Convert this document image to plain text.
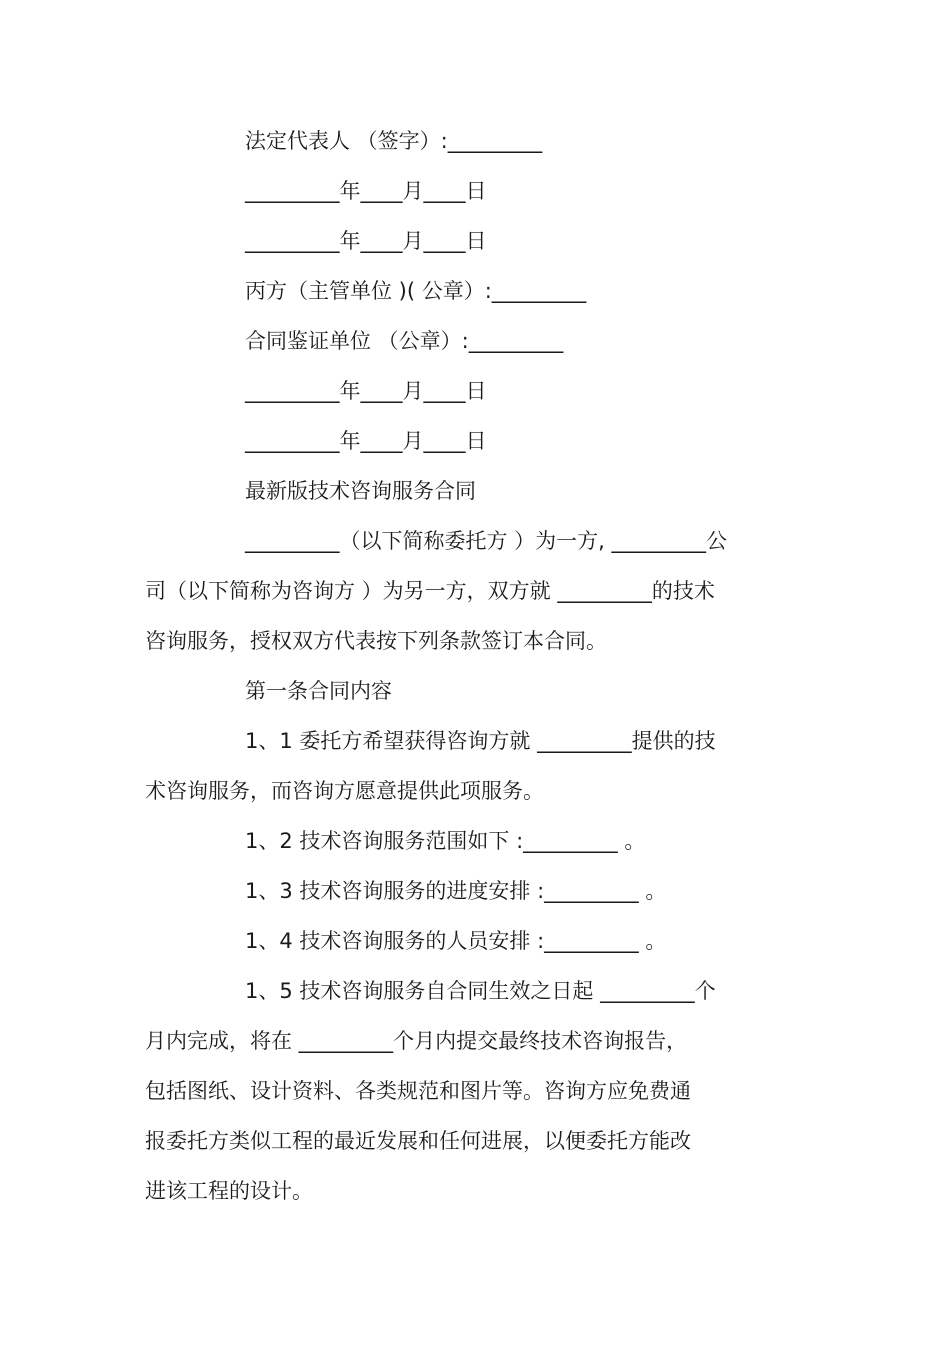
法定代表人 （签字）:_________
_________年____月____日
_________年____月____日
丙方（主管单位 )( 公章）:_________
合同鉴证单位 （公章）:_________
_________年____月____日
_________年____月____日
最新版技术咨询服务合同
_________（以下简称委托方 ）为一方, _________公
司（以下简称为咨询方 ）为另一方，双方就 _________的技术
咨询服务，授权双方代表按下列条款签订本合同。
第一条合同内容
1、1 委托方希望获得咨询方就 _________提供的技
术咨询服务，而咨询方愿意提供此项服务。
1、2 技术咨询服务范围如下 :_________ 。
1、3 技术咨询服务的进度安排 :_________ 。
1、4 技术咨询服务的人员安排 :_________ 。
1、5 技术咨询服务自合同生效之日起 _________个
月内完成，将在 _________个月内提交最终技术咨询报告，
包括图纸、设计资料、各类规范和图片等。咨询方应免费通
报委托方类似工程的最近发展和任何进展，以便委托方能改
进该工程的设计。
